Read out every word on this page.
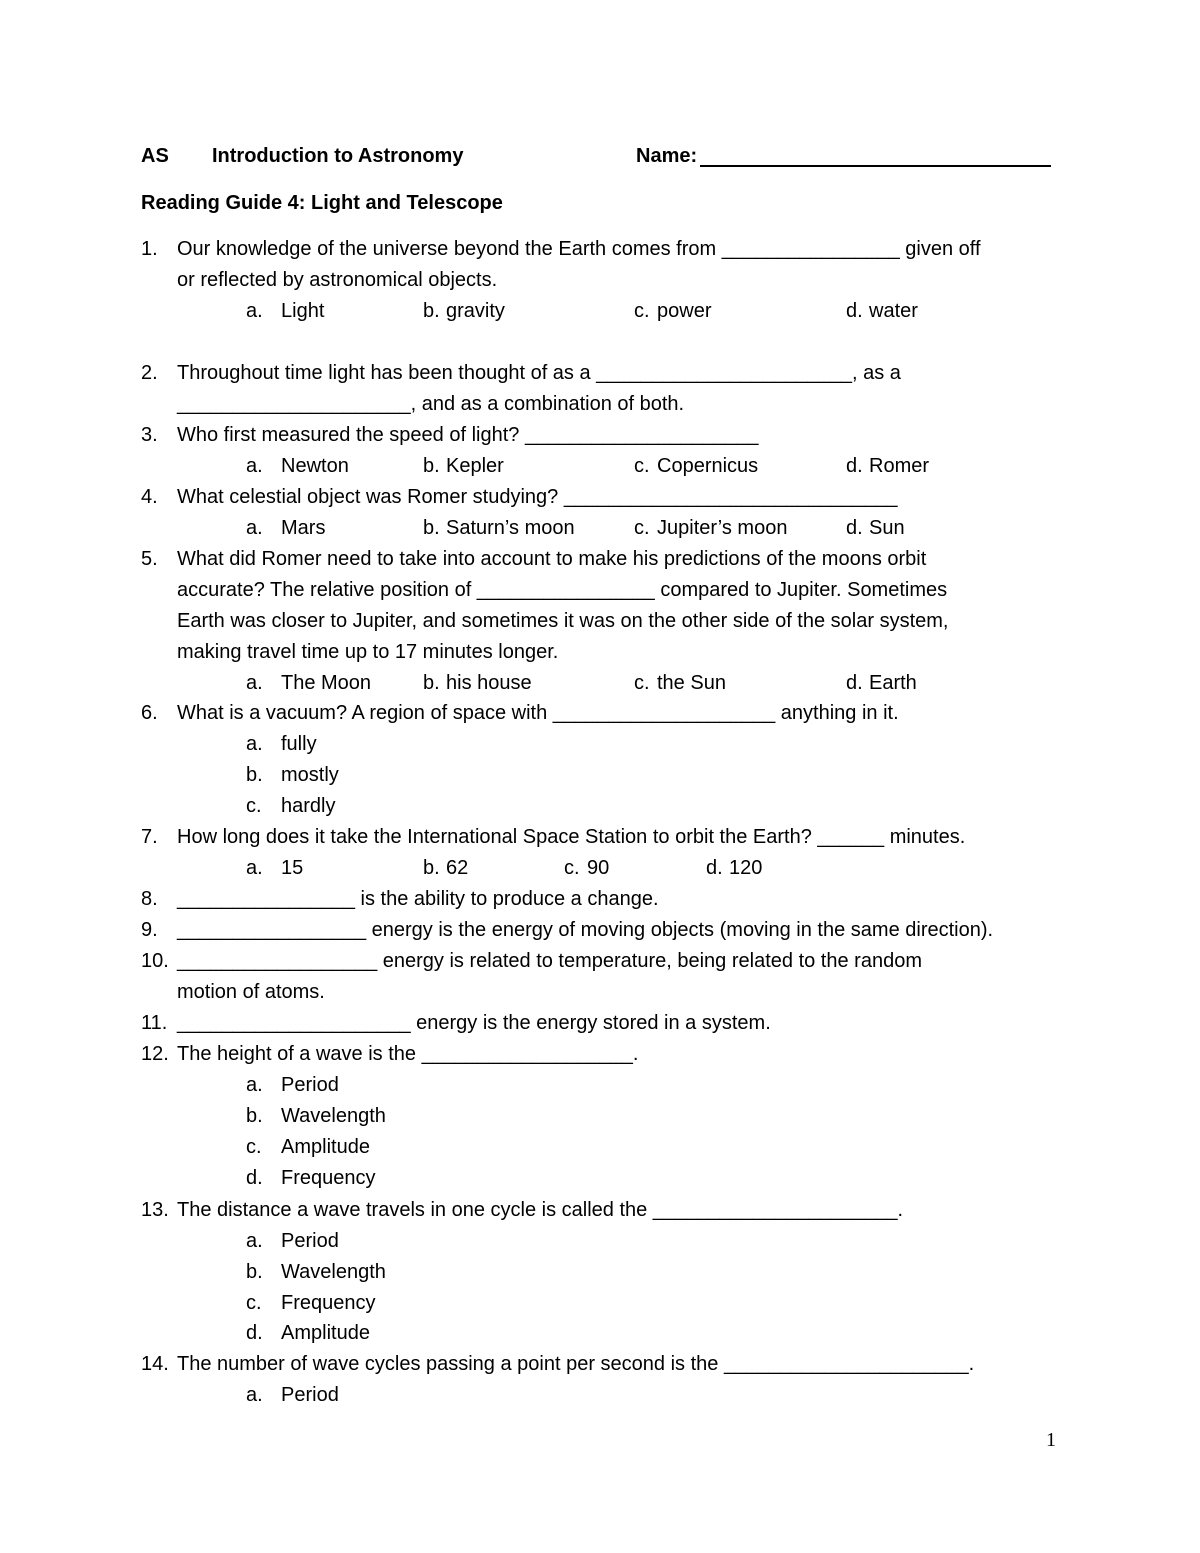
AS Introduction to Astronomy	Name:
Reading Guide 4: Light and Telescope
1. Our knowledge of the universe beyond the Earth comes from ________________ given off
or reflected by astronomical objects.
a. Light	b. gravity	c. power	d. water
2. Throughout time light has been thought of as a _______________________, as a
_____________________, and as a combination of both.
3. Who first measured the speed of light? _____________________
a. Newton	b. Kepler	c. Copernicus	d. Romer
4. What celestial object was Romer studying? ______________________________
a. Mars	b. Saturn’s moon	c. Jupiter’s moon	d. Sun
5. What did Romer need to take into account to make his predictions of the moons orbit
accurate? The relative position of ________________ compared to Jupiter. Sometimes
Earth was closer to Jupiter, and sometimes it was on the other side of the solar system,
making travel time up to 17 minutes longer.
a. The Moon	b. his house	c. the Sun	d. Earth
6. What is a vacuum? A region of space with ____________________ anything in it.
a. fully
b. mostly
c. hardly
7. How long does it take the International Space Station to orbit the Earth? ______ minutes.
a. 15	b. 62	c. 90	d. 120
8. ________________ is the ability to produce a change.
9. _________________ energy is the energy of moving objects (moving in the same direction).
10. __________________ energy is related to temperature, being related to the random
motion of atoms.
11. _____________________ energy is the energy stored in a system.
12. The height of a wave is the ___________________.
a. Period
b. Wavelength
c. Amplitude
d. Frequency
13. The distance a wave travels in one cycle is called the ______________________.
a. Period
b. Wavelength
c. Frequency
d. Amplitude
14. The number of wave cycles passing a point per second is the ______________________.
a. Period
1
